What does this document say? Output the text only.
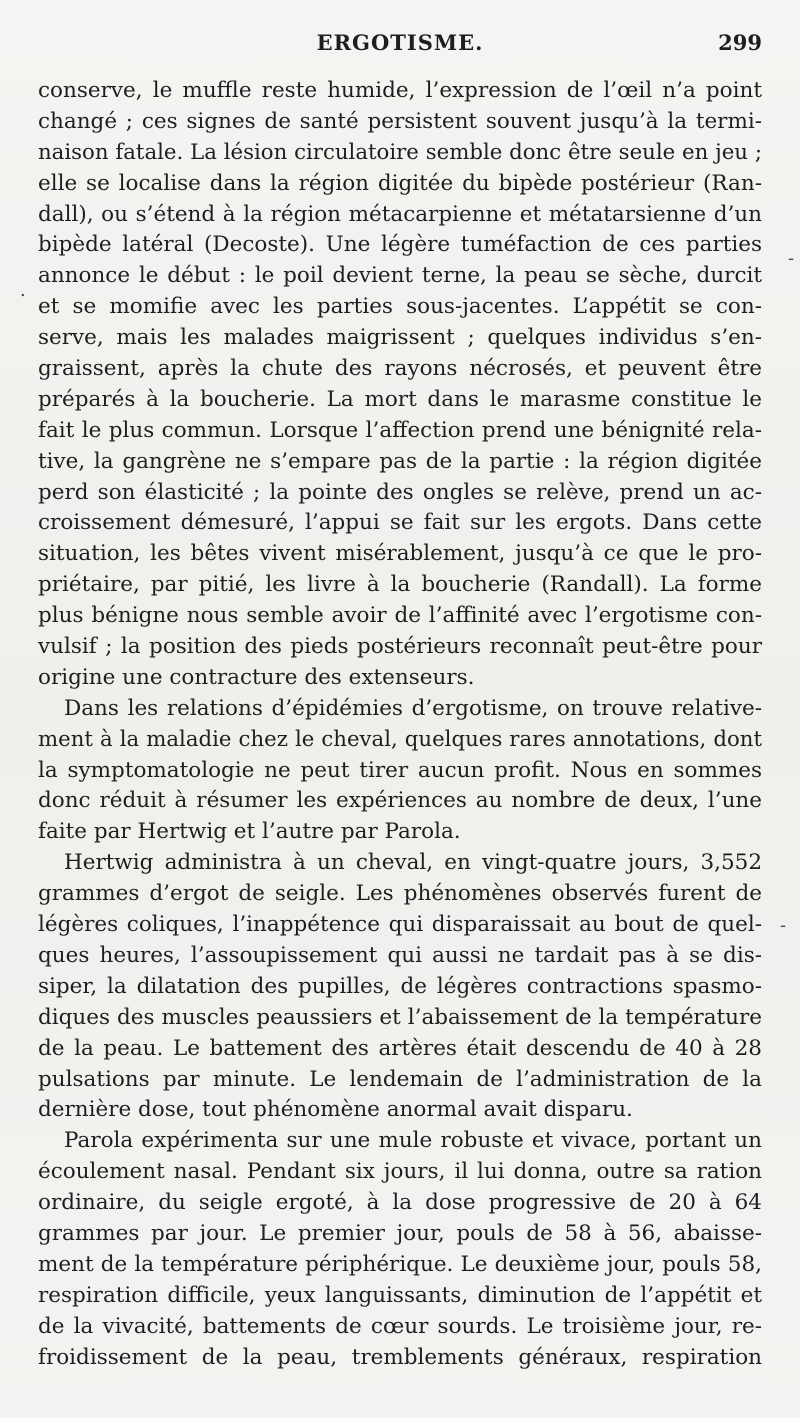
ERGOTISME.	299
conserve, le muffle reste humide, l’expression de l’œil n’a point
changé ; ces signes de santé persistent souvent jusqu’à la termi-
naison fatale. La lésion circulatoire semble donc être seule en jeu ;
elle se localise dans la région digitée du bipède postérieur (Ran-
dall), ou s’étend à la région métacarpienne et métatarsienne d’un
bipède latéral (Decoste). Une légère tuméfaction de ces parties
annonce le début : le poil devient terne, la peau se sèche, durcit
et se momifie avec les parties sous-jacentes. L’appétit se con-
serve, mais les malades maigrissent ; quelques individus s’en-
graissent, après la chute des rayons nécrosés, et peuvent être
préparés à la boucherie. La mort dans le marasme constitue le
fait le plus commun. Lorsque l’affection prend une bénignité rela-
tive, la gangrène ne s’empare pas de la partie : la région digitée
perd son élasticité ; la pointe des ongles se relève, prend un ac-
croissement démesuré, l’appui se fait sur les ergots. Dans cette
situation, les bêtes vivent misérablement, jusqu’à ce que le pro-
priétaire, par pitié, les livre à la boucherie (Randall). La forme
plus bénigne nous semble avoir de l’affinité avec l’ergotisme con-
vulsif ; la position des pieds postérieurs reconnaît peut-être pour
origine une contracture des extenseurs.
Dans les relations d’épidémies d’ergotisme, on trouve relative-
ment à la maladie chez le cheval, quelques rares annotations, dont
la symptomatologie ne peut tirer aucun profit. Nous en sommes
donc réduit à résumer les expériences au nombre de deux, l’une
faite par Hertwig et l’autre par Parola.
Hertwig administra à un cheval, en vingt-quatre jours, 3,552
grammes d’ergot de seigle. Les phénomènes observés furent de
légères coliques, l’inappétence qui disparaissait au bout de quel-
ques heures, l’assoupissement qui aussi ne tardait pas à se dis-
siper, la dilatation des pupilles, de légères contractions spasmo-
diques des muscles peaussiers et l’abaissement de la température
de la peau. Le battement des artères était descendu de 40 à 28
pulsations par minute. Le lendemain de l’administration de la
dernière dose, tout phénomène anormal avait disparu.
Parola expérimenta sur une mule robuste et vivace, portant un
écoulement nasal. Pendant six jours, il lui donna, outre sa ration
ordinaire, du seigle ergoté, à la dose progressive de 20 à 64
grammes par jour. Le premier jour, pouls de 58 à 56, abaisse-
ment de la température périphérique. Le deuxième jour, pouls 58,
respiration difficile, yeux languissants, diminution de l’appétit et
de la vivacité, battements de cœur sourds. Le troisième jour, re-
froidissement de la peau, tremblements généraux, respiration
-
.
-
